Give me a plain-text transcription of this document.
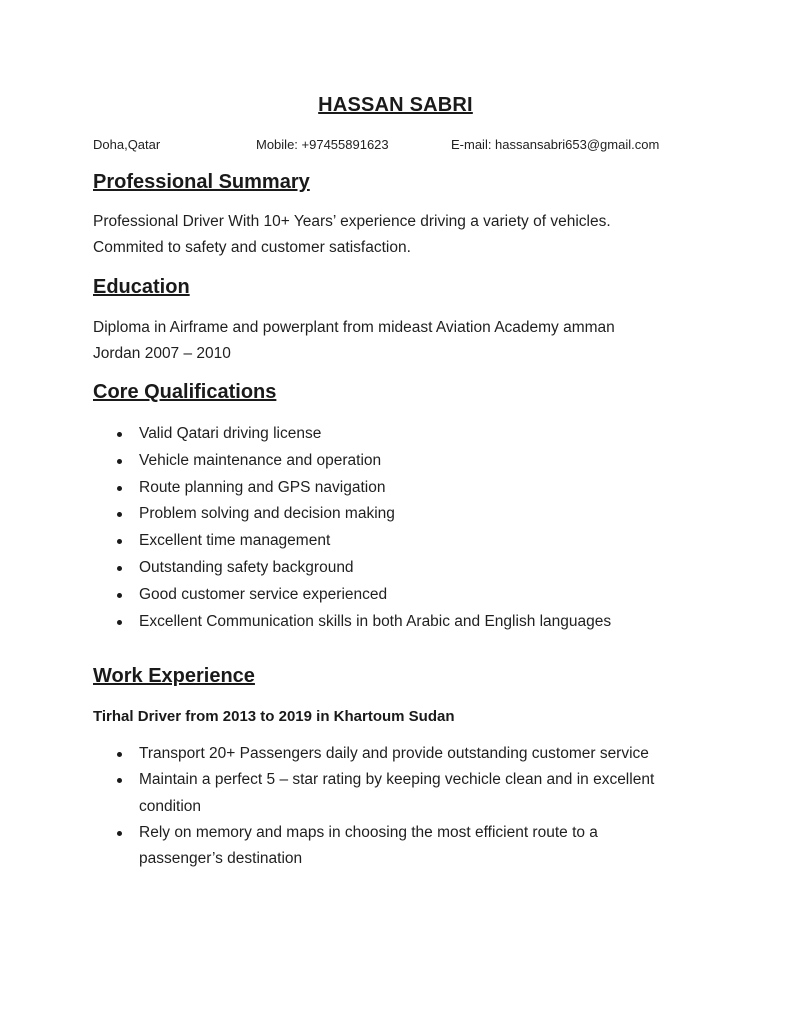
HASSAN SABRI
Doha,Qatar	Mobile: +97455891623	E-mail: hassansabri653@gmail.com
Professional Summary

Professional Driver With 10+ Years’ experience driving a variety of vehicles.

Commited to safety and customer satisfaction.

Education

Diploma in Airframe and powerplant from mideast Aviation Academy amman

Jordan 2007 – 2010

Core Qualifications
Valid Qatari driving license
Vehicle maintenance and operation
Route planning and GPS navigation
Problem solving and decision making
Excellent time management
Outstanding safety background
Good customer service experienced
Excellent Communication skills in both Arabic and English languages
Work Experience
Tirhal Driver from 2013 to 2019 in Khartoum Sudan
Transport 20+ Passengers daily and provide outstanding customer service
Maintain a perfect 5 – star rating by keeping vechicle clean and in excellent condition
Rely on memory and maps in choosing the most efficient route to a passenger’s destination
